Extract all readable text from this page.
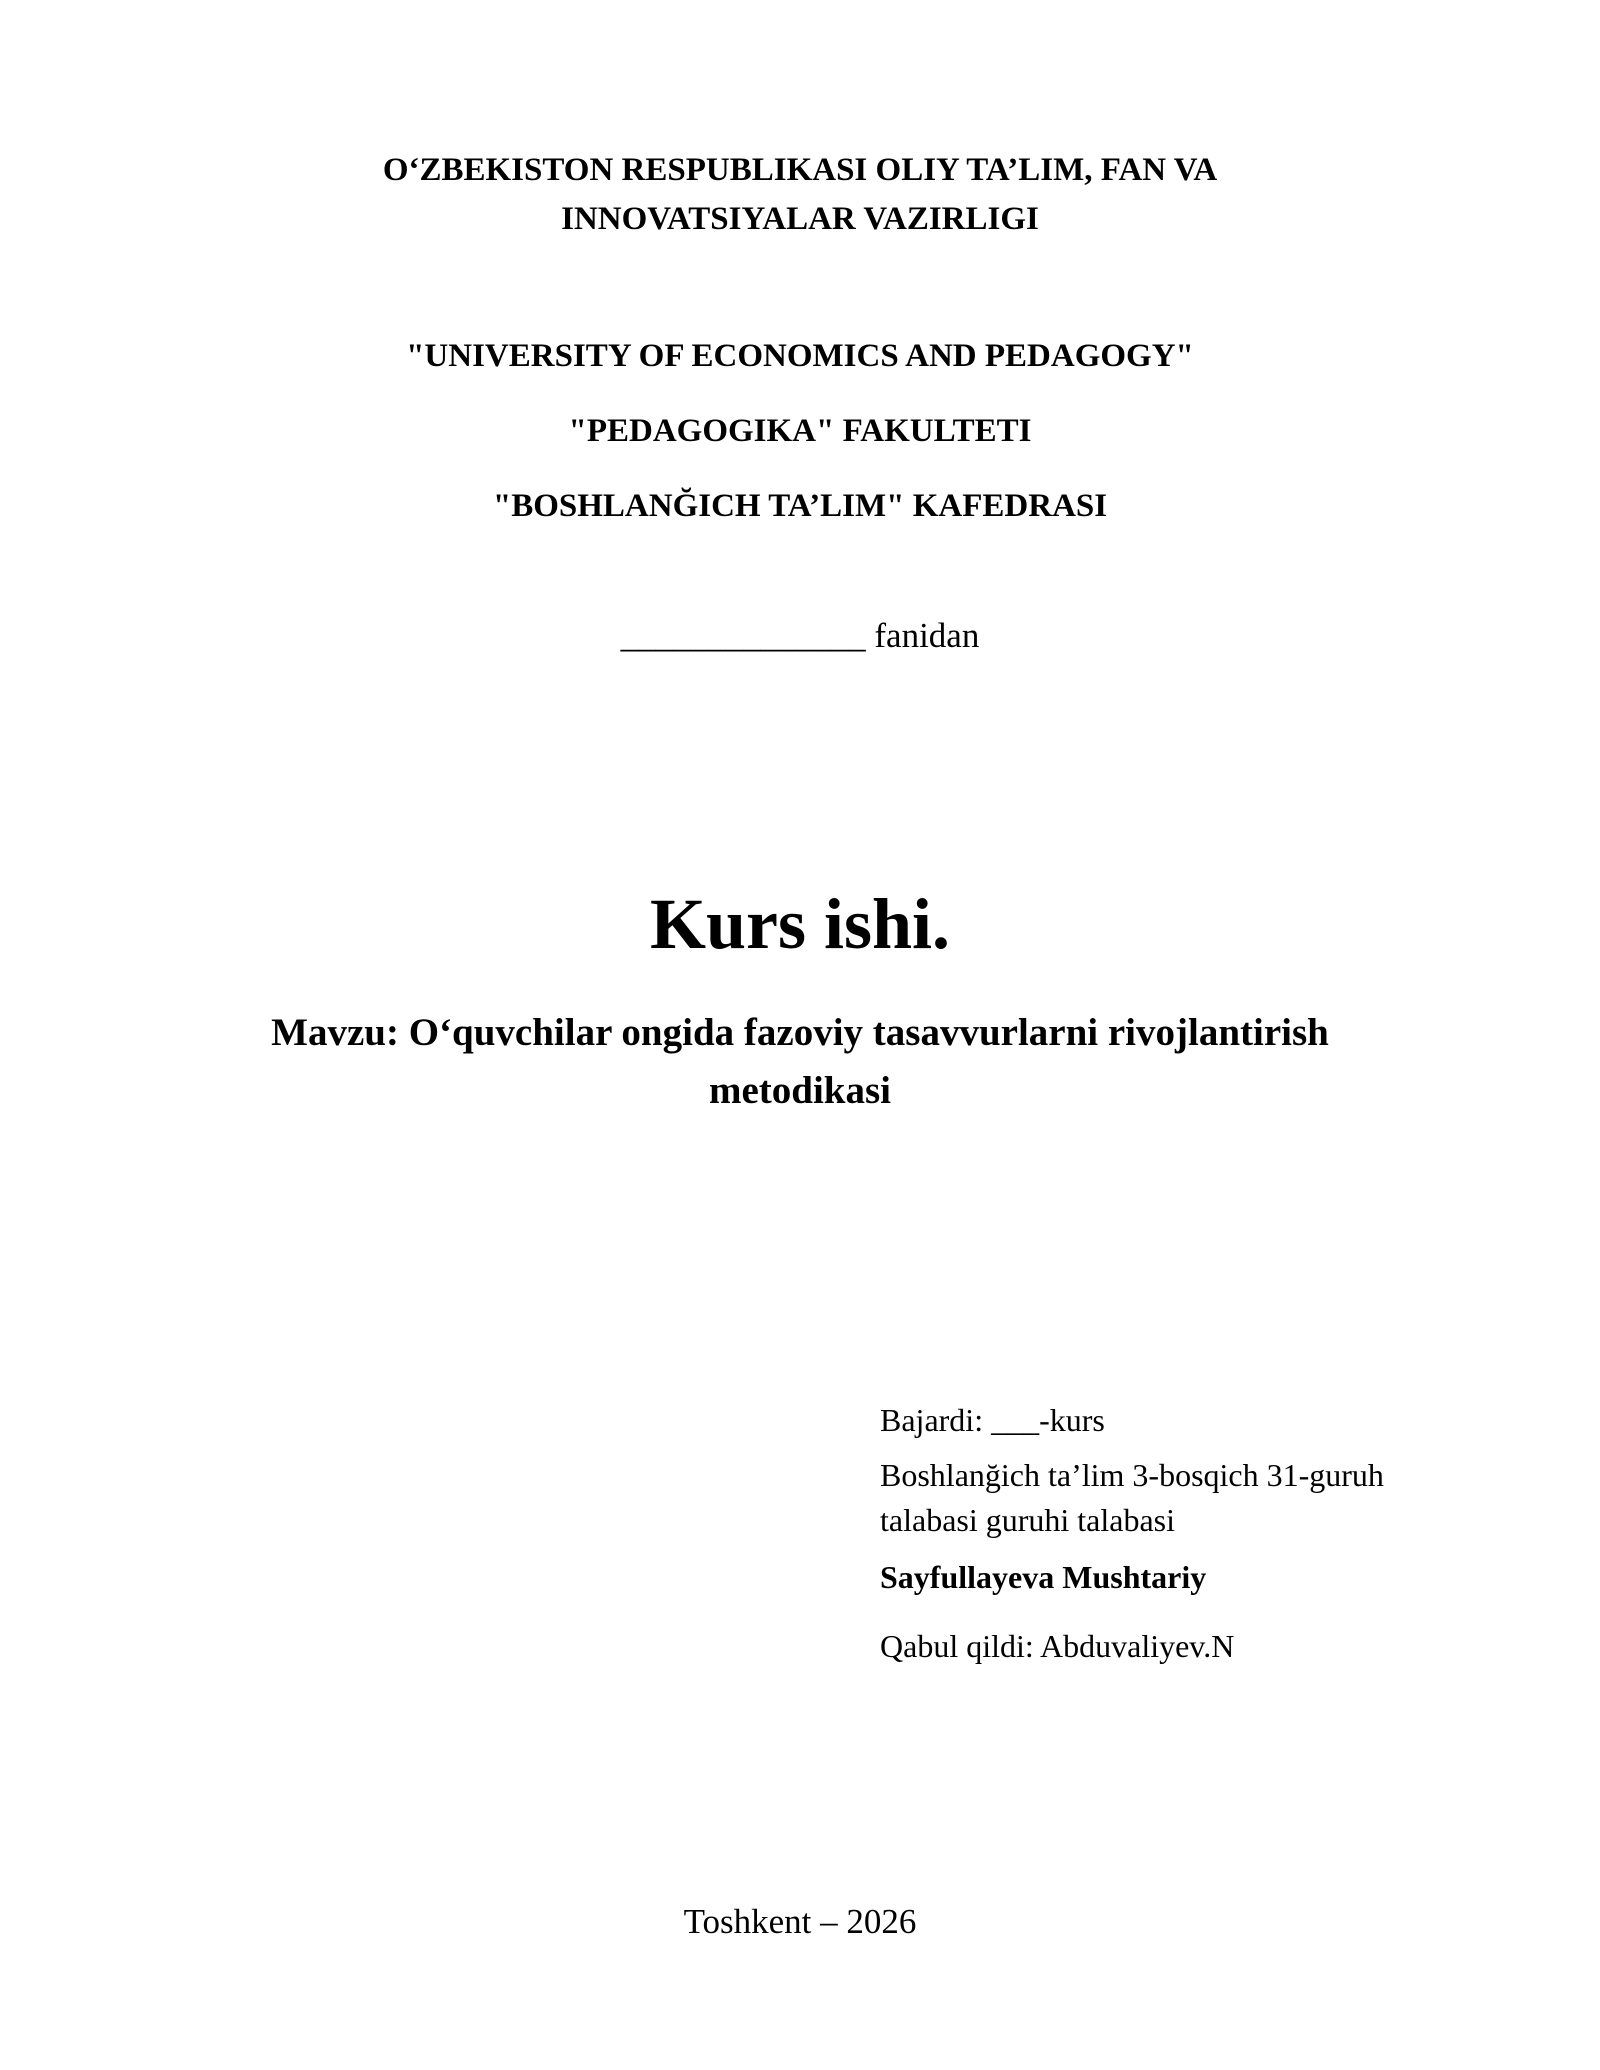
O‘ZBEKISTON RESPUBLIKASI OLIY TA’LIM, FAN VA
INNOVATSIYALAR VAZIRLIGI
"UNIVERSITY OF ECONOMICS AND PEDAGOGY"
"PEDAGOGIKA" FAKULTETI
"BOSHLANĞICH TA’LIM" KAFEDRASI
______________ fanidan
Kurs ishi.
Mavzu: O‘quvchilar ongida fazoviy tasavvurlarni rivojlantirish
metodikasi
Bajardi: ___-kurs
Boshlanğich ta’lim 3-bosqich 31-guruh
talabasi guruhi talabasi
Sayfullayeva Mushtariy
Qabul qildi: Abduvaliyev.N
Toshkent – 2026
